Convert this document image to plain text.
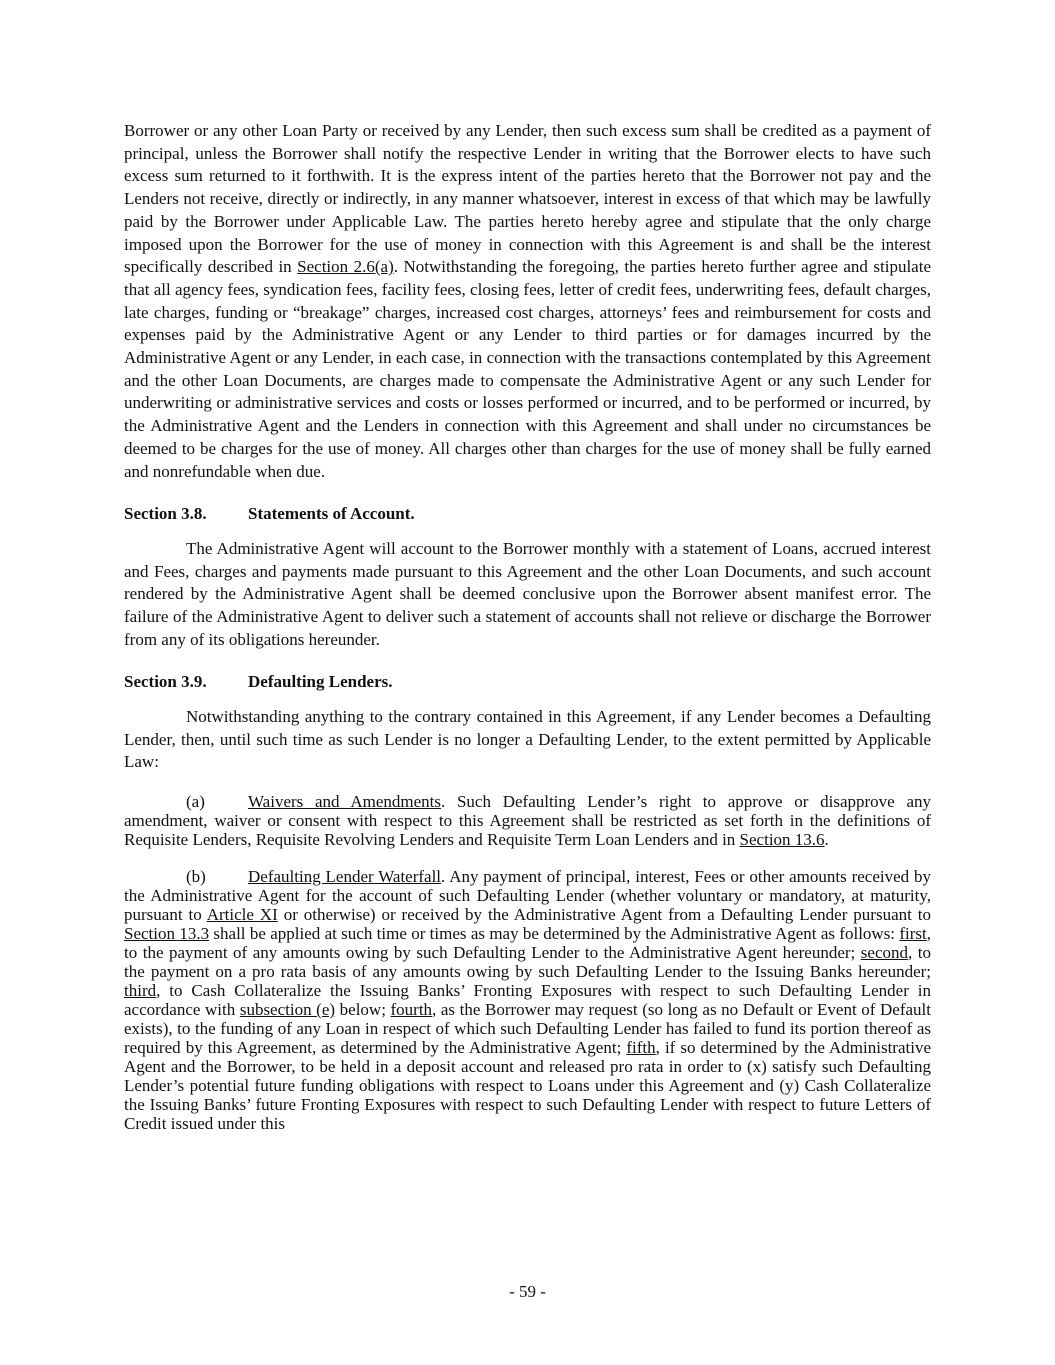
Borrower or any other Loan Party or received by any Lender, then such excess sum shall be credited as a payment of principal, unless the Borrower shall notify the respective Lender in writing that the Borrower elects to have such excess sum returned to it forthwith. It is the express intent of the parties hereto that the Borrower not pay and the Lenders not receive, directly or indirectly, in any manner whatsoever, interest in excess of that which may be lawfully paid by the Borrower under Applicable Law. The parties hereto hereby agree and stipulate that the only charge imposed upon the Borrower for the use of money in connection with this Agreement is and shall be the interest specifically described in Section 2.6(a). Notwithstanding the foregoing, the parties hereto further agree and stipulate that all agency fees, syndication fees, facility fees, closing fees, letter of credit fees, underwriting fees, default charges, late charges, funding or “breakage” charges, increased cost charges, attorneys’ fees and reimbursement for costs and expenses paid by the Administrative Agent or any Lender to third parties or for damages incurred by the Administrative Agent or any Lender, in each case, in connection with the transactions contemplated by this Agreement and the other Loan Documents, are charges made to compensate the Administrative Agent or any such Lender for underwriting or administrative services and costs or losses performed or incurred, and to be performed or incurred, by the Administrative Agent and the Lenders in connection with this Agreement and shall under no circumstances be deemed to be charges for the use of money. All charges other than charges for the use of money shall be fully earned and nonrefundable when due.

Section 3.8. Statements of Account.

The Administrative Agent will account to the Borrower monthly with a statement of Loans, accrued interest and Fees, charges and payments made pursuant to this Agreement and the other Loan Documents, and such account rendered by the Administrative Agent shall be deemed conclusive upon the Borrower absent manifest error. The failure of the Administrative Agent to deliver such a statement of accounts shall not relieve or discharge the Borrower from any of its obligations hereunder.

Section 3.9. Defaulting Lenders.

Notwithstanding anything to the contrary contained in this Agreement, if any Lender becomes a Defaulting Lender, then, until such time as such Lender is no longer a Defaulting Lender, to the extent permitted by Applicable Law:

(a)	Waivers and Amendments. Such Defaulting Lender’s right to approve or disapprove any amendment, waiver or consent with respect to this Agreement shall be restricted as set forth in the definitions of Requisite Lenders, Requisite Revolving Lenders and Requisite Term Loan Lenders and in Section 13.6.

(b) Defaulting Lender Waterfall. Any payment of principal, interest, Fees or other amounts received by the Administrative Agent for the account of such Defaulting Lender (whether voluntary or mandatory, at maturity, pursuant to Article XI or otherwise) or received by the Administrative Agent from a Defaulting Lender pursuant to Section 13.3 shall be applied at such time or times as may be determined by the Administrative Agent as follows: first, to the payment of any amounts owing by such Defaulting Lender to the Administrative Agent hereunder; second, to the payment on a pro rata basis of any amounts owing by such Defaulting Lender to the Issuing Banks hereunder; third, to Cash Collateralize the Issuing Banks’ Fronting Exposures with respect to such Defaulting Lender in accordance with subsection (e) below; fourth, as the Borrower may request (so long as no Default or Event of Default exists), to the funding of any Loan in respect of which such Defaulting Lender has failed to fund its portion thereof as required by this Agreement, as determined by the Administrative Agent; fifth, if so determined by the Administrative Agent and the Borrower, to be held in a deposit account and released pro rata in order to (x) satisfy such Defaulting Lender’s potential future funding obligations with respect to Loans under this Agreement and (y) Cash Collateralize the Issuing Banks’ future Fronting Exposures with respect to such Defaulting Lender with respect to future Letters of Credit issued under this

- 59 -
